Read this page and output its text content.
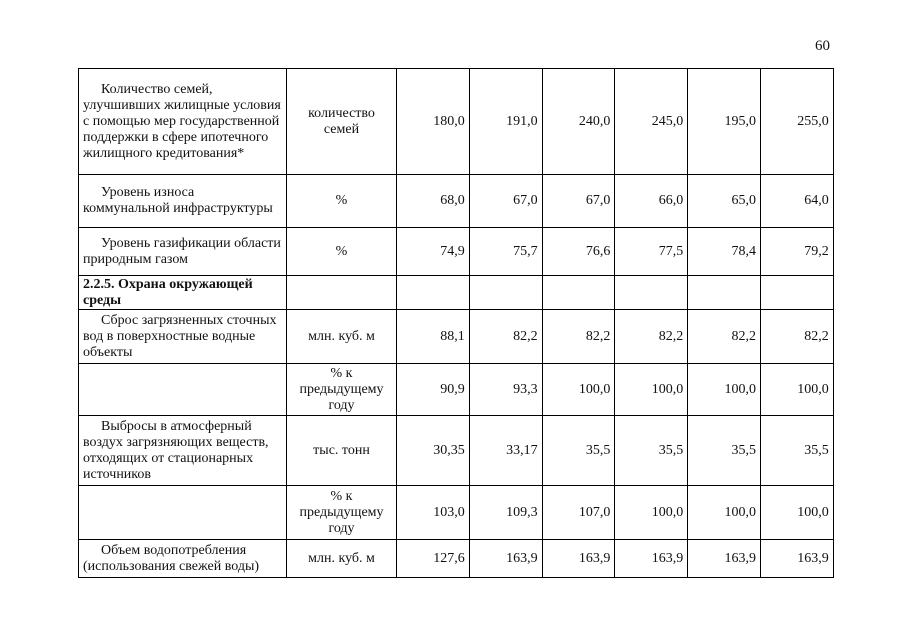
60
Количество семей, улучшивших жилищные условия с помощью мер государственной поддержки в сфере ипотечного жилищного кредитования*	количество семей	180,0	191,0	240,0	245,0	195,0	255,0

Уровень износа коммунальной инфраструктуры	%	68,0	67,0	67,0	66,0	65,0	64,0

Уровень газификации области природным газом	%	74,9	75,7	76,6	77,5	78,4	79,2
2.2.5. Охрана окружающей среды							

Сброс загрязненных сточных вод в поверхностные водные объекты	млн. куб. м	88,1	82,2	82,2	82,2	82,2	82,2

	% к предыдущему году	90,9	93,3	100,0	100,0	100,0	100,0

Выбросы в атмосферный воздух загрязняющих веществ, отходящих от стационарных источников	тыс. тонн	30,35	33,17	35,5	35,5	35,5	35,5

	% к предыдущему году	103,0	109,3	107,0	100,0	100,0	100,0

Объем водопотребления (использования свежей воды)	млн. куб. м	127,6	163,9	163,9	163,9	163,9	163,9
